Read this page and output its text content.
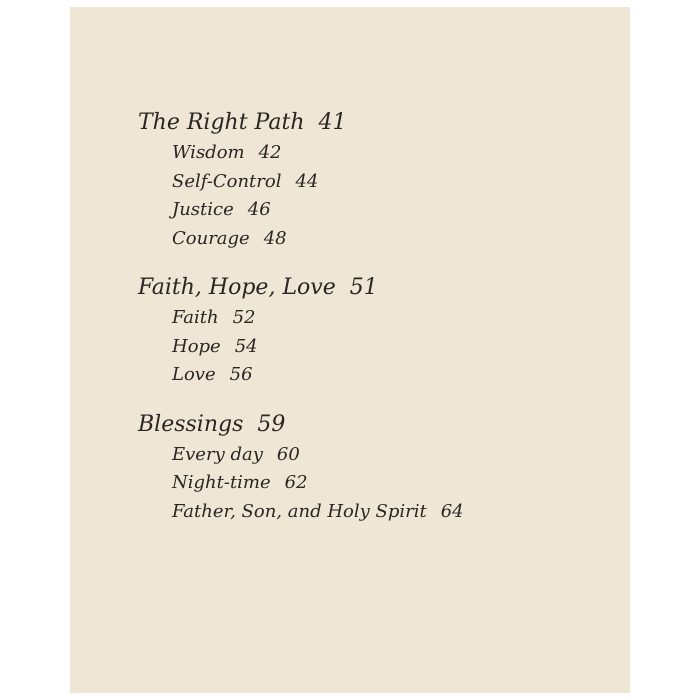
The Right Path 41
Wisdom 42
Self-Control 44
Justice 46
Courage 48
Faith, Hope, Love 51
Faith 52
Hope 54
Love 56
Blessings 59
Every day 60
Night-time 62
Father, Son, and Holy Spirit 64
